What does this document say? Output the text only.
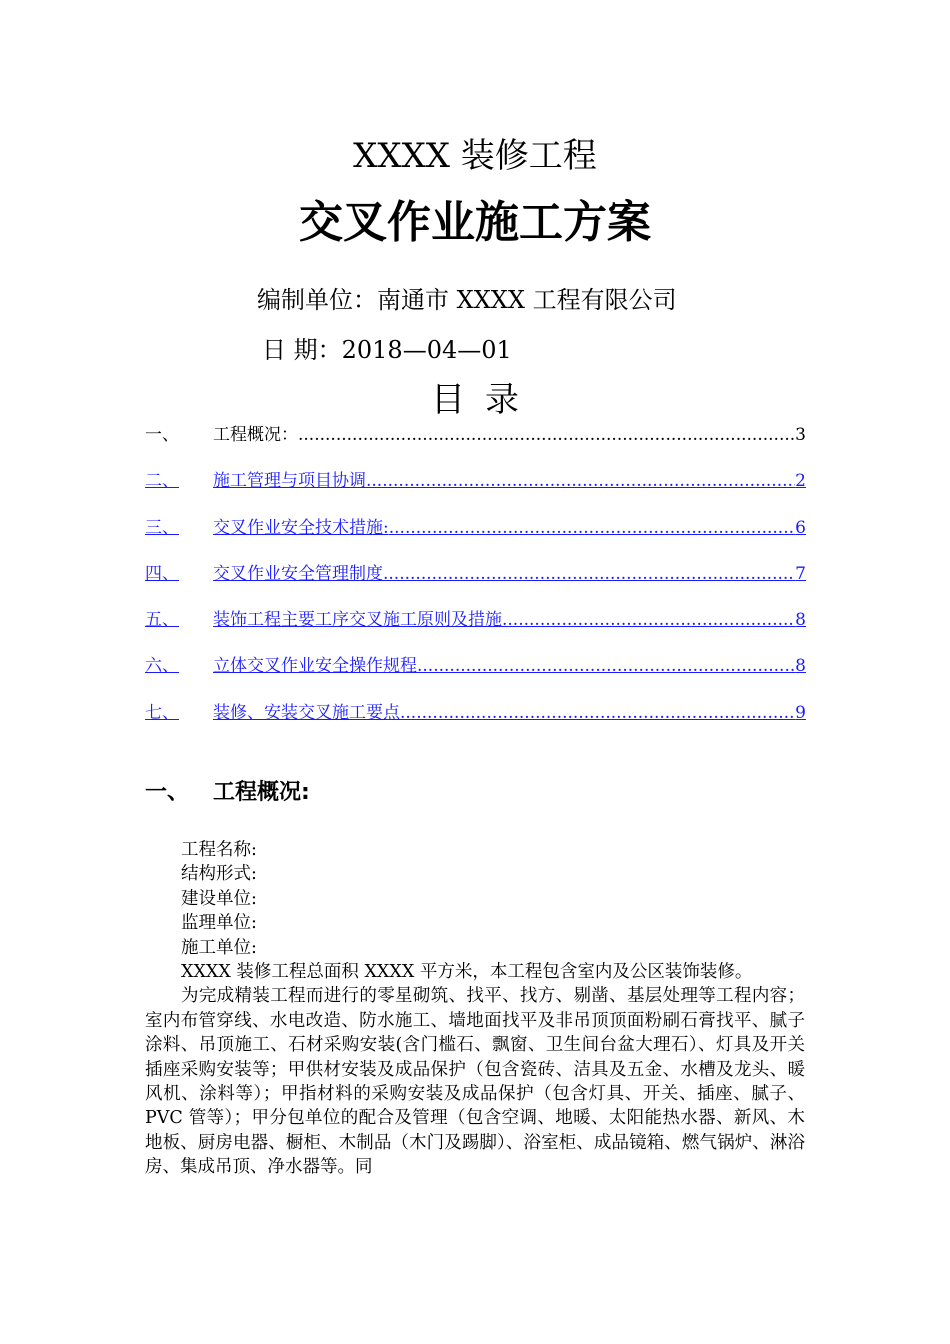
XXXX 装修工程
交叉作业施工方案
编制单位：南通市 XXXX 工程有限公司
日 期：2018—04—01
目录
一、	工程概况： .....	3
二、	施工管理与项目协调 .....	2
三、	交叉作业安全技术措施: .....	6
四、	交叉作业安全管理制度 .....	7
五、	装饰工程主要工序交叉施工原则及措施 .....	8
六、	立体交叉作业安全操作规程 .....	8
七、	装修、安装交叉施工要点 .....	9
一、	工程概况:
工程名称:
结构形式:
建设单位:
监理单位:
施工单位:
XXXX 装修工程总面积 XXXX 平方米，本工程包含室内及公区装饰装修。
为完成精装工程而进行的零星砌筑、找平、找方、剔凿、基层处理等工程内容；室内布管穿线、水电改造、防水施工、墙地面找平及非吊顶顶面粉刷石膏找平、腻子涂料、吊顶施工、石材采购安装(含门槛石、飘窗、卫生间台盆大理石）、灯具及开关插座采购安装等；甲供材安装及成品保护（包含瓷砖、洁具及五金、水槽及龙头、暖风机、涂料等）；甲指材料的采购安装及成品保护（包含灯具、开关、插座、腻子、PVC 管等）；甲分包单位的配合及管理（包含空调、地暖、太阳能热水器、新风、木地板、厨房电器、橱柜、木制品（木门及踢脚）、浴室柜、成品镜箱、燃气锅炉、淋浴房、集成吊顶、净水器等。同
